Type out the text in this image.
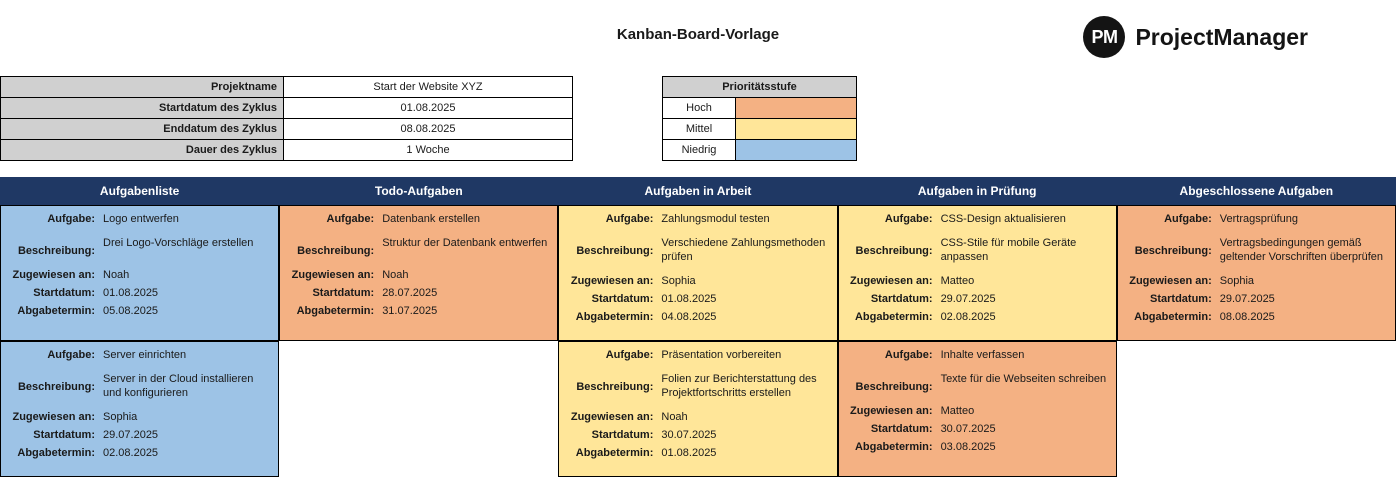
Kanban-Board-Vorlage	PM ProjectManager
Projektname	Start der Website XYZ
Startdatum des Zyklus	01.08.2025
Enddatum des Zyklus	08.08.2025
Dauer des Zyklus	1 Woche
Prioritätsstufe	
Hoch	
Mittel	
Niedrig	
Aufgabenliste
Aufgabe: Logo entwerfen
Beschreibung:
Drei Logo-Vorschläge erstellen
Zugewiesen an: Noah
Startdatum: 01.08.2025
Abgabetermin: 05.08.2025
Aufgabe: Server einrichten
Beschreibung:
Server in der Cloud installieren und konfigurieren
Zugewiesen an: Sophia
Startdatum: 29.07.2025
Abgabetermin: 02.08.2025
Todo-Aufgaben
Aufgabe: Datenbank erstellen
Beschreibung:
Struktur der Datenbank entwerfen
Zugewiesen an: Noah
Startdatum: 28.07.2025
Abgabetermin: 31.07.2025
Aufgaben in Arbeit
Aufgabe: Zahlungsmodul testen
Beschreibung:
Verschiedene Zahlungsmethoden prüfen
Zugewiesen an: Sophia
Startdatum: 01.08.2025
Abgabetermin: 04.08.2025
Aufgabe: Präsentation vorbereiten
Beschreibung:
Folien zur Berichterstattung des Projektfortschritts erstellen
Zugewiesen an: Noah
Startdatum: 30.07.2025
Abgabetermin: 01.08.2025
Aufgaben in Prüfung
Aufgabe: CSS-Design aktualisieren
Beschreibung:
CSS-Stile für mobile Geräte anpassen
Zugewiesen an: Matteo
Startdatum: 29.07.2025
Abgabetermin: 02.08.2025
Aufgabe: Inhalte verfassen
Beschreibung:
Texte für die Webseiten schreiben
Zugewiesen an: Matteo
Startdatum: 30.07.2025
Abgabetermin: 03.08.2025
Abgeschlossene Aufgaben
Aufgabe: Vertragsprüfung
Beschreibung:
Vertragsbedingungen gemäß geltender Vorschriften überprüfen
Zugewiesen an: Sophia
Startdatum: 29.07.2025
Abgabetermin: 08.08.2025
